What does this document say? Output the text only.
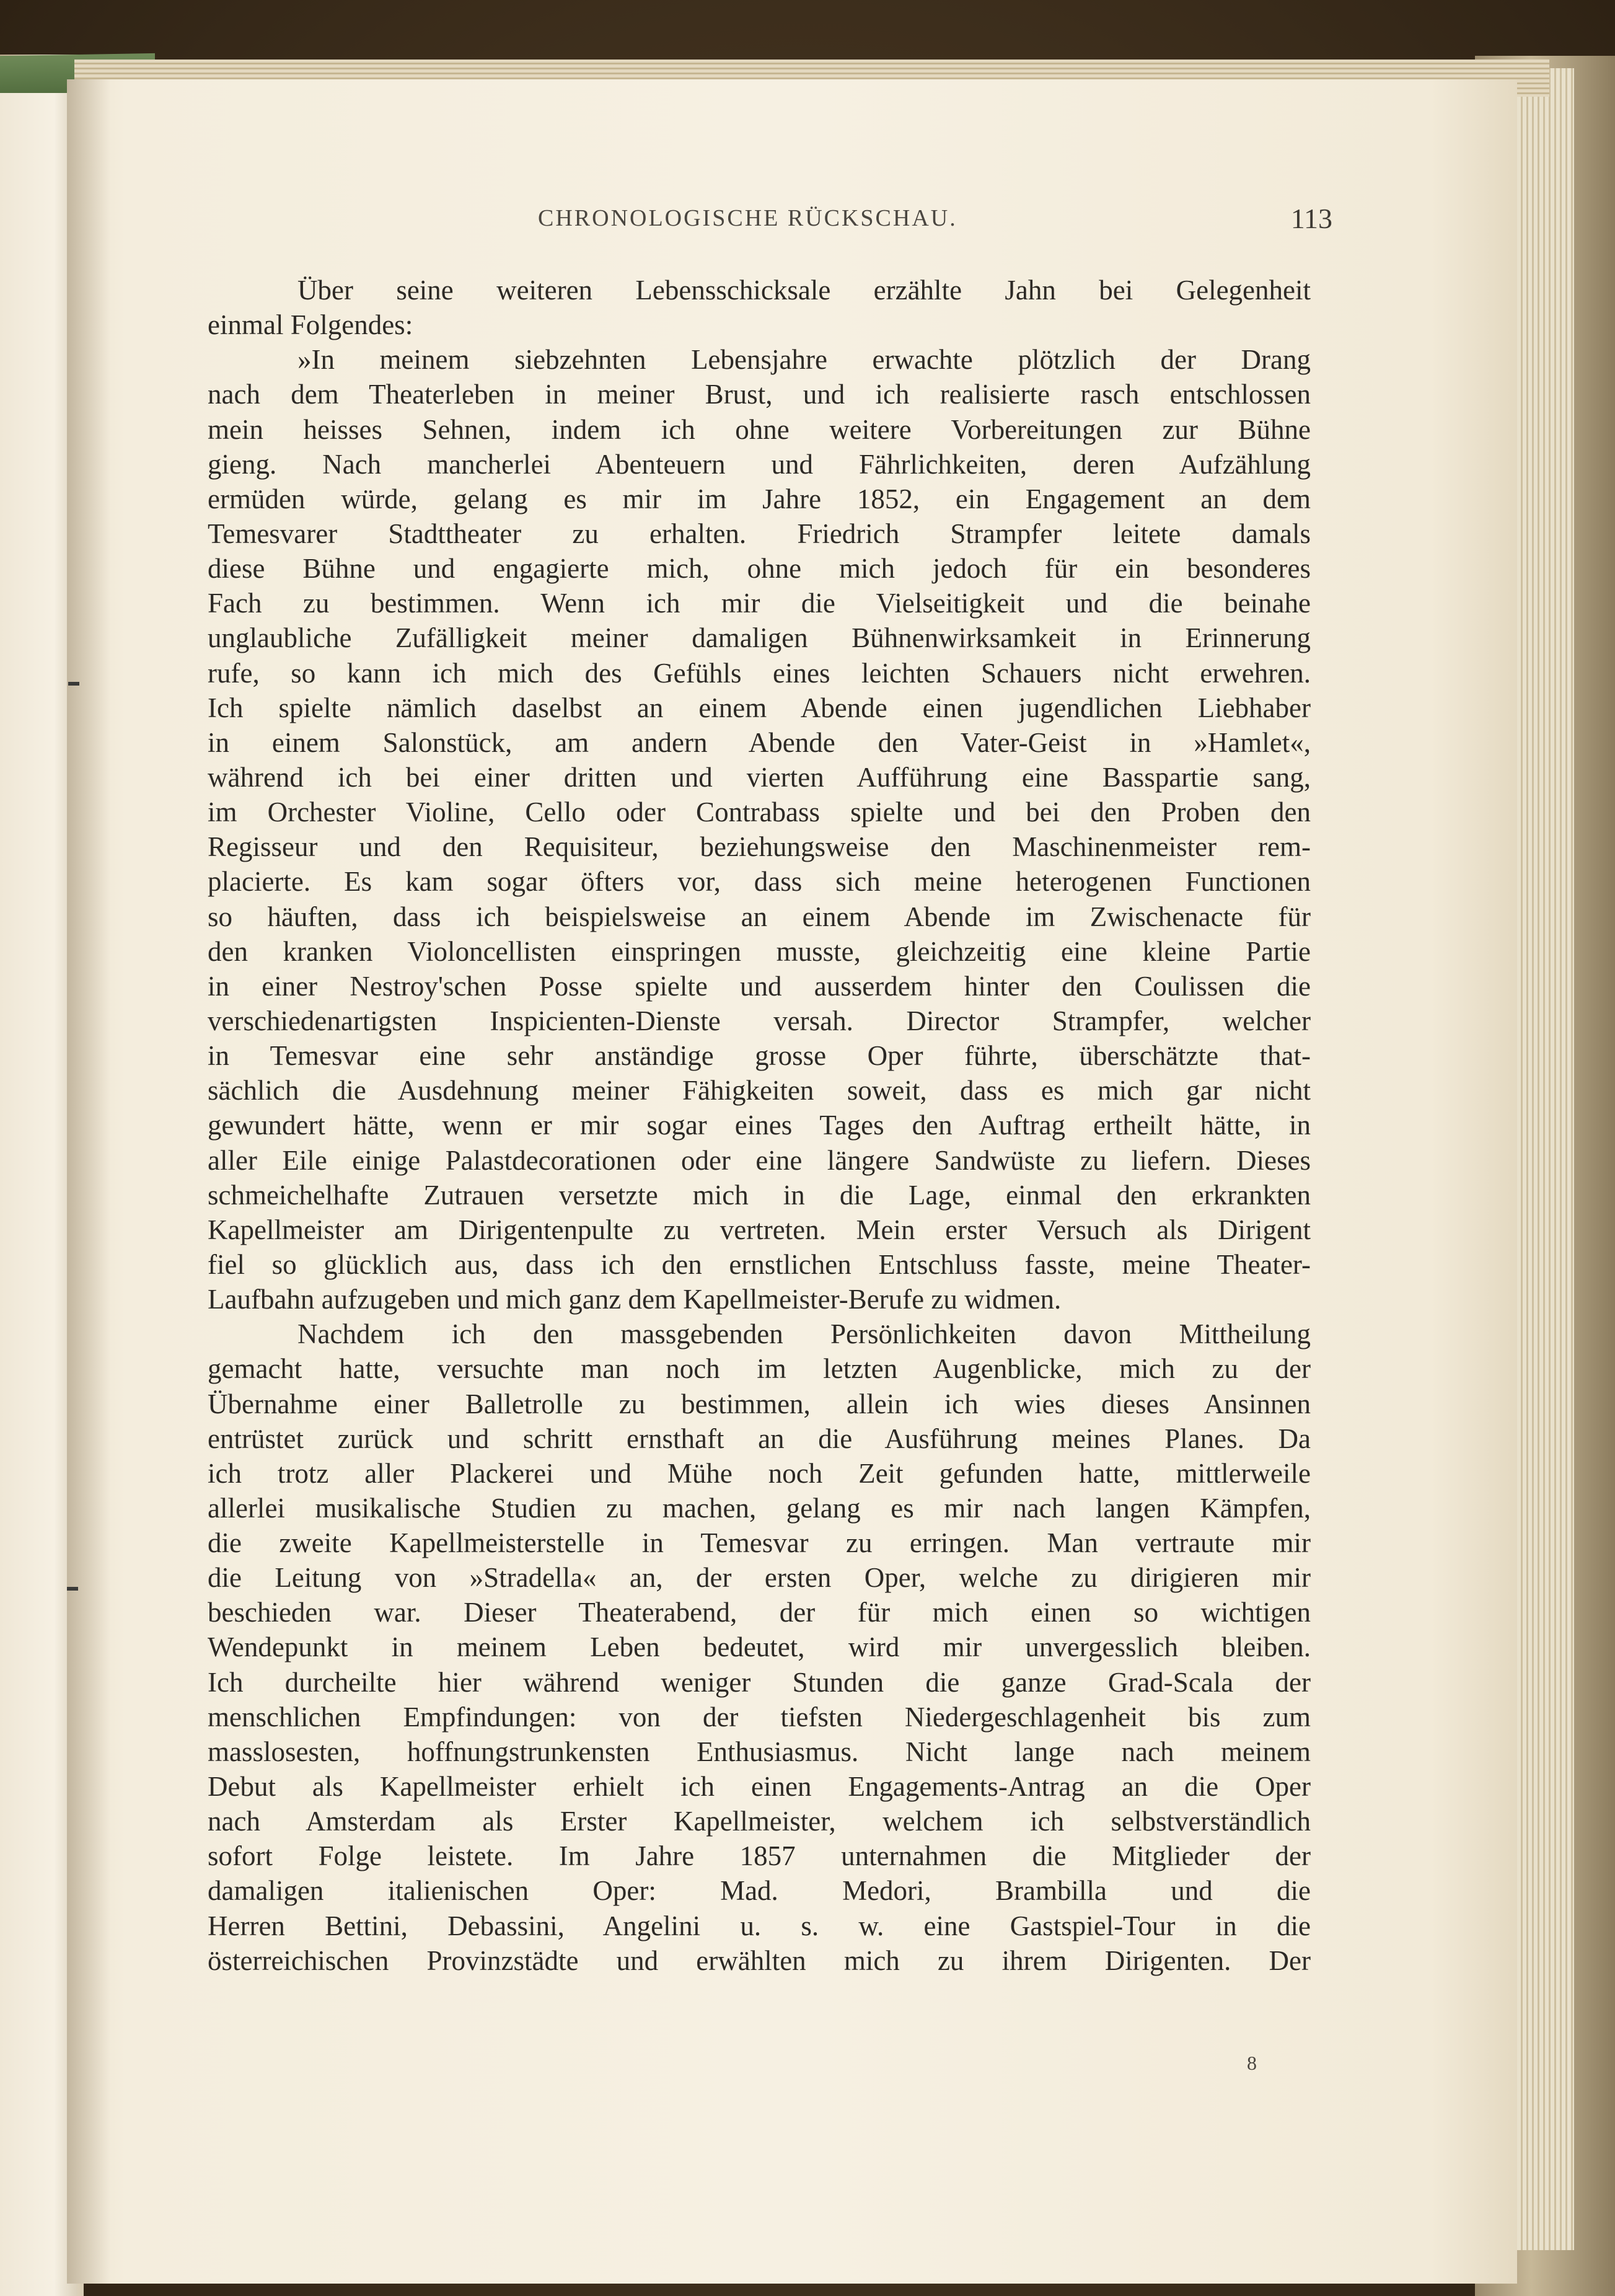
CHRONOLOGISCHE RÜCKSCHAU.	113
Über seine weiteren Lebensschicksale erzählte Jahn bei Gelegenheit
einmal Folgendes:
»In meinem siebzehnten Lebensjahre erwachte plötzlich der Drang
nach dem Theaterleben in meiner Brust, und ich realisierte rasch entschlossen
mein heisses Sehnen, indem ich ohne weitere Vorbereitungen zur Bühne
gieng. Nach mancherlei Abenteuern und Fährlichkeiten, deren Aufzählung
ermüden würde, gelang es mir im Jahre 1852, ein Engagement an dem
Temesvarer Stadttheater zu erhalten. Friedrich Strampfer leitete damals
diese Bühne und engagierte mich, ohne mich jedoch für ein besonderes
Fach zu bestimmen. Wenn ich mir die Vielseitigkeit und die beinahe
unglaubliche Zufälligkeit meiner damaligen Bühnenwirksamkeit in Erinnerung
rufe, so kann ich mich des Gefühls eines leichten Schauers nicht erwehren.
Ich spielte nämlich daselbst an einem Abende einen jugendlichen Liebhaber
in einem Salonstück, am andern Abende den Vater-Geist in »Hamlet«,
während ich bei einer dritten und vierten Aufführung eine Basspartie sang,
im Orchester Violine, Cello oder Contrabass spielte und bei den Proben den
Regisseur und den Requisiteur, beziehungsweise den Maschinenmeister rem-
placierte. Es kam sogar öfters vor, dass sich meine heterogenen Functionen
so häuften, dass ich beispielsweise an einem Abende im Zwischenacte für
den kranken Violoncellisten einspringen musste, gleichzeitig eine kleine Partie
in einer Nestroy'schen Posse spielte und ausserdem hinter den Coulissen die
verschiedenartigsten Inspicienten-Dienste versah. Director Strampfer, welcher
in Temesvar eine sehr anständige grosse Oper führte, überschätzte that-
sächlich die Ausdehnung meiner Fähigkeiten soweit, dass es mich gar nicht
gewundert hätte, wenn er mir sogar eines Tages den Auftrag ertheilt hätte, in
aller Eile einige Palastdecorationen oder eine längere Sandwüste zu liefern. Dieses
schmeichelhafte Zutrauen versetzte mich in die Lage, einmal den erkrankten
Kapellmeister am Dirigentenpulte zu vertreten. Mein erster Versuch als Dirigent
fiel so glücklich aus, dass ich den ernstlichen Entschluss fasste, meine Theater-
Laufbahn aufzugeben und mich ganz dem Kapellmeister-Berufe zu widmen.
Nachdem ich den massgebenden Persönlichkeiten davon Mittheilung
gemacht hatte, versuchte man noch im letzten Augenblicke, mich zu der
Übernahme einer Balletrolle zu bestimmen, allein ich wies dieses Ansinnen
entrüstet zurück und schritt ernsthaft an die Ausführung meines Planes. Da
ich trotz aller Plackerei und Mühe noch Zeit gefunden hatte, mittlerweile
allerlei musikalische Studien zu machen, gelang es mir nach langen Kämpfen,
die zweite Kapellmeisterstelle in Temesvar zu erringen. Man vertraute mir
die Leitung von »Stradella« an, der ersten Oper, welche zu dirigieren mir
beschieden war. Dieser Theaterabend, der für mich einen so wichtigen
Wendepunkt in meinem Leben bedeutet, wird mir unvergesslich bleiben.
Ich durcheilte hier während weniger Stunden die ganze Grad-Scala der
menschlichen Empfindungen: von der tiefsten Niedergeschlagenheit bis zum
masslosesten, hoffnungstrunkensten Enthusiasmus. Nicht lange nach meinem
Debut als Kapellmeister erhielt ich einen Engagements-Antrag an die Oper
nach Amsterdam als Erster Kapellmeister, welchem ich selbstverständlich
sofort Folge leistete. Im Jahre 1857 unternahmen die Mitglieder der
damaligen italienischen Oper: Mad. Medori, Brambilla und die
Herren Bettini, Debassini, Angelini u. s. w. eine Gastspiel-Tour in die
österreichischen Provinzstädte und erwählten mich zu ihrem Dirigenten. Der
8
